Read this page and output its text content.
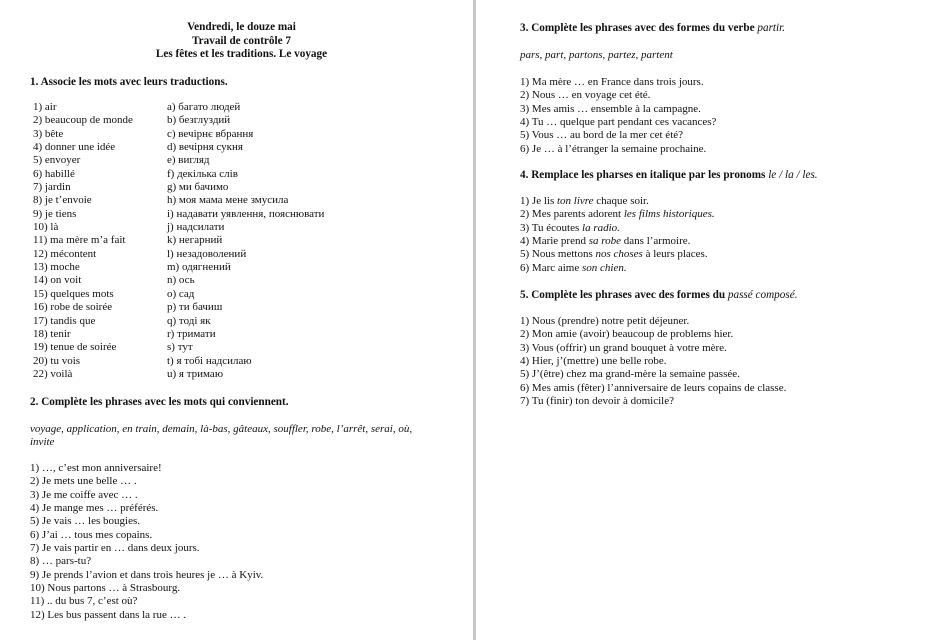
Vendredi, le douze mai
Travail de contrôle 7
Les fêtes et les traditions. Le voyage
1. Associe les mots avec leurs traductions.
1) air	a) багато людей
2) beaucoup de monde	b) безглуздий
3) bête	c) вечірнє вбрання
4) donner une idée	d) вечірня сукня
5) envoyer	e) вигляд
6) habillé	f) декілька слів
7) jardin	g) ми бачимо
8) je t’envoie	h) моя мама мене змусила
9) je tiens	i) надавати уявлення, пояснювати
10) là	j) надсилати
11) ma mère m’a fait	k) негарний
12) mécontent	l) незадоволений
13) moche	m) одягнений
14) on voit	n) ось
15) quelques mots	o) сад
16) robe de soirée	p) ти бачиш
17) tandis que	q) тоді як
18) tenir	r) тримати
19) tenue de soirée	s) тут
20) tu vois	t) я тобі надсилаю
22) voilà	u) я тримаю
2. Complète les phrases avec les mots qui conviennent.
voyage, application, en train, demain, là-bas, gâteaux, souffler, robe, l’arrêt, serai, où,
invite
1) …, c’est mon anniversaire!
2) Je mets une belle … .
3) Je me coiffe avec … .
4) Je mange mes … préférés.
5) Je vais … les bougies.
6) J’ai … tous mes copains.
7) Je vais partir en … dans deux jours.
8) … pars-tu?
9) Je prends l’avion et dans trois heures je … à Kyiv.
10) Nous partons … à Strasbourg.
11) .. du bus 7, c’est où?
12) Les bus passent dans la rue … .
3. Complète les phrases avec des formes du verbe partir.
pars, part, partons, partez, partent
1) Ma mère … en France dans trois jours.
2) Nous … en voyage cet été.
3) Mes amis … ensemble à la campagne.
4) Tu … quelque part pendant ces vacances?
5) Vous … au bord de la mer cet été?
6) Je … à l’étranger la semaine prochaine.
4. Remplace les pharses en italique par les pronoms le / la / les.
1) Je lis ton livre chaque soir.
2) Mes parents adorent les films historiques.
3) Tu écoutes la radio.
4) Marie prend sa robe dans l’armoire.
5) Nous mettons nos choses à leurs places.
6) Marc aime son chien.
5. Complète les phrases avec des formes du passé composé.
1) Nous (prendre) notre petit déjeuner.
2) Mon amie (avoir) beaucoup de problems hier.
3) Vous (offrir) un grand bouquet à votre mère.
4) Hier, j’(mettre) une belle robe.
5) J’(être) chez ma grand-mère la semaine passée.
6) Mes amis (fêter) l’anniversaire de leurs copains de classe.
7) Tu (finir) ton devoir à domicile?
